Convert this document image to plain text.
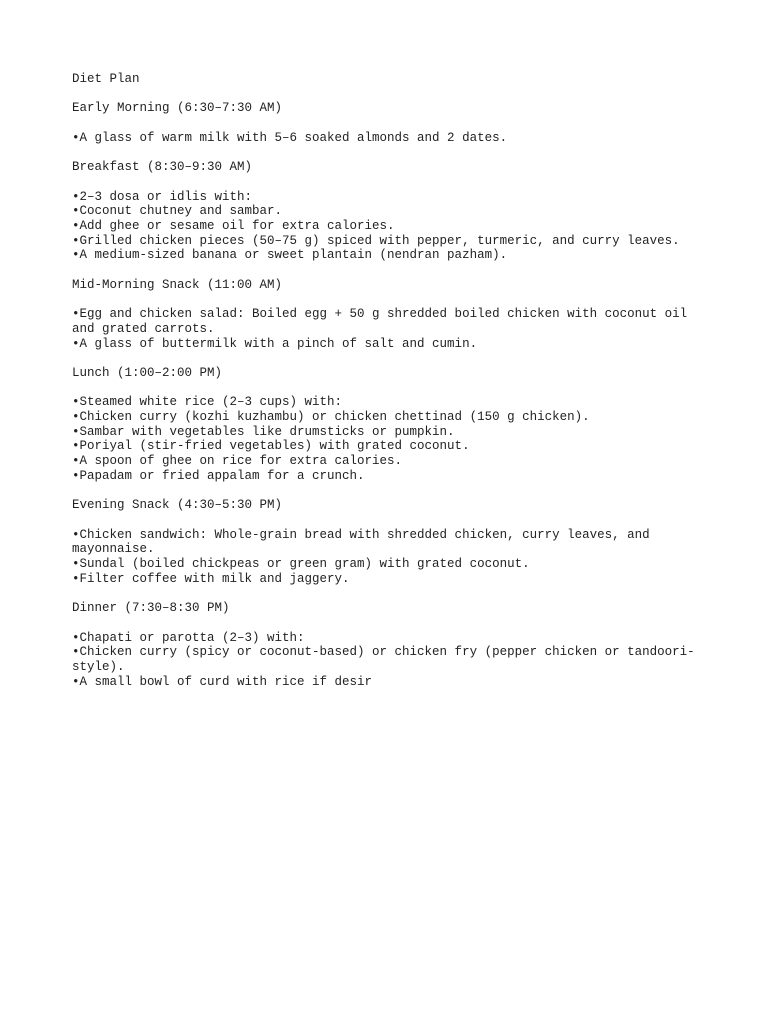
Diet Plan
Early Morning (6:30–7:30 AM)
•A glass of warm milk with 5–6 soaked almonds and 2 dates.
Breakfast (8:30–9:30 AM)
•2–3 dosa or idlis with:
•Coconut chutney and sambar.
•Add ghee or sesame oil for extra calories.
•Grilled chicken pieces (50–75 g) spiced with pepper, turmeric, and curry leaves.
•A medium-sized banana or sweet plantain (nendran pazham).
Mid-Morning Snack (11:00 AM)
•Egg and chicken salad: Boiled egg + 50 g shredded boiled chicken with coconut oil
and grated carrots.
•A glass of buttermilk with a pinch of salt and cumin.
Lunch (1:00–2:00 PM)
•Steamed white rice (2–3 cups) with:
•Chicken curry (kozhi kuzhambu) or chicken chettinad (150 g chicken).
•Sambar with vegetables like drumsticks or pumpkin.
•Poriyal (stir-fried vegetables) with grated coconut.
•A spoon of ghee on rice for extra calories.
•Papadam or fried appalam for a crunch.
Evening Snack (4:30–5:30 PM)
•Chicken sandwich: Whole-grain bread with shredded chicken, curry leaves, and
mayonnaise.
•Sundal (boiled chickpeas or green gram) with grated coconut.
•Filter coffee with milk and jaggery.
Dinner (7:30–8:30 PM)
•Chapati or parotta (2–3) with:
•Chicken curry (spicy or coconut-based) or chicken fry (pepper chicken or tandoori-
style).
•A small bowl of curd with rice if desir
